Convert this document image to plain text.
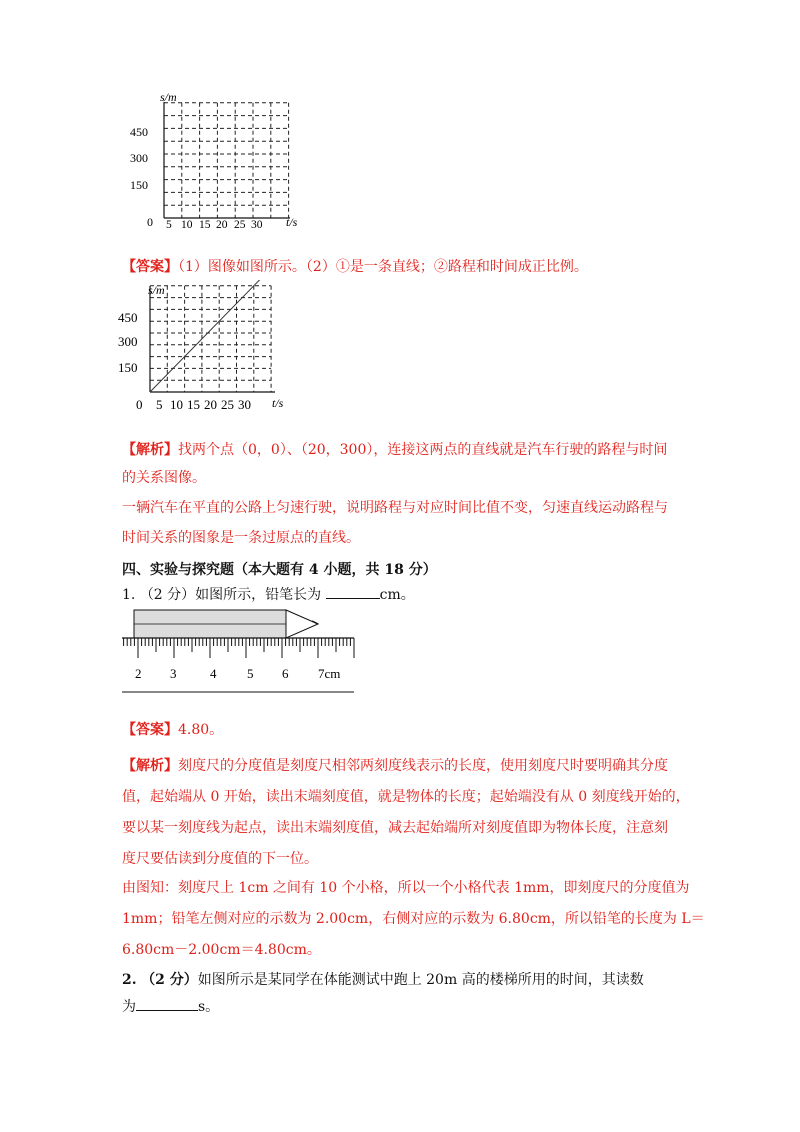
s/m
450
300
150
0 5 10 15 20 25 30 t/s
【答案】（1）图像如图所示。（2）①是一条直线；②路程和时间成正比例。
s/m
450
300
150
0 5 10 15 20 25 30 t/s
【解析】找两个点（0，0）、（20，300），连接这两点的直线就是汽车行驶的路程与时间
的关系图像。
一辆汽车在平直的公路上匀速行驶，说明路程与对应时间比值不变，匀速直线运动路程与
时间关系的图象是一条过原点的直线。
四、实验与探究题（本大题有 4 小题，共 18 分）
1. （2 分）如图所示，铅笔长为	cm。
2 3	4 5 6 7cm
【答案】4.80。
【解析】刻度尺的分度值是刻度尺相邻两刻度线表示的长度，使用刻度尺时要明确其分度
值，起始端从 0 开始，读出末端刻度值，就是物体的长度；起始端没有从 0 刻度线开始的，
要以某一刻度线为起点，读出末端刻度值，减去起始端所对刻度值即为物体长度，注意刻
度尺要估读到分度值的下一位。
由图知：刻度尺上 1cm 之间有 10 个小格，所以一个小格代表 1mm，即刻度尺的分度值为
1mm；铅笔左侧对应的示数为 2.00cm，右侧对应的示数为 6.80cm，所以铅笔的长度为 L＝
6.80cm－2.00cm＝4.80cm。
2. （2 分）如图所示是某同学在体能测试中跑上 20m 高的楼梯所用的时间，其读数
为	s。
